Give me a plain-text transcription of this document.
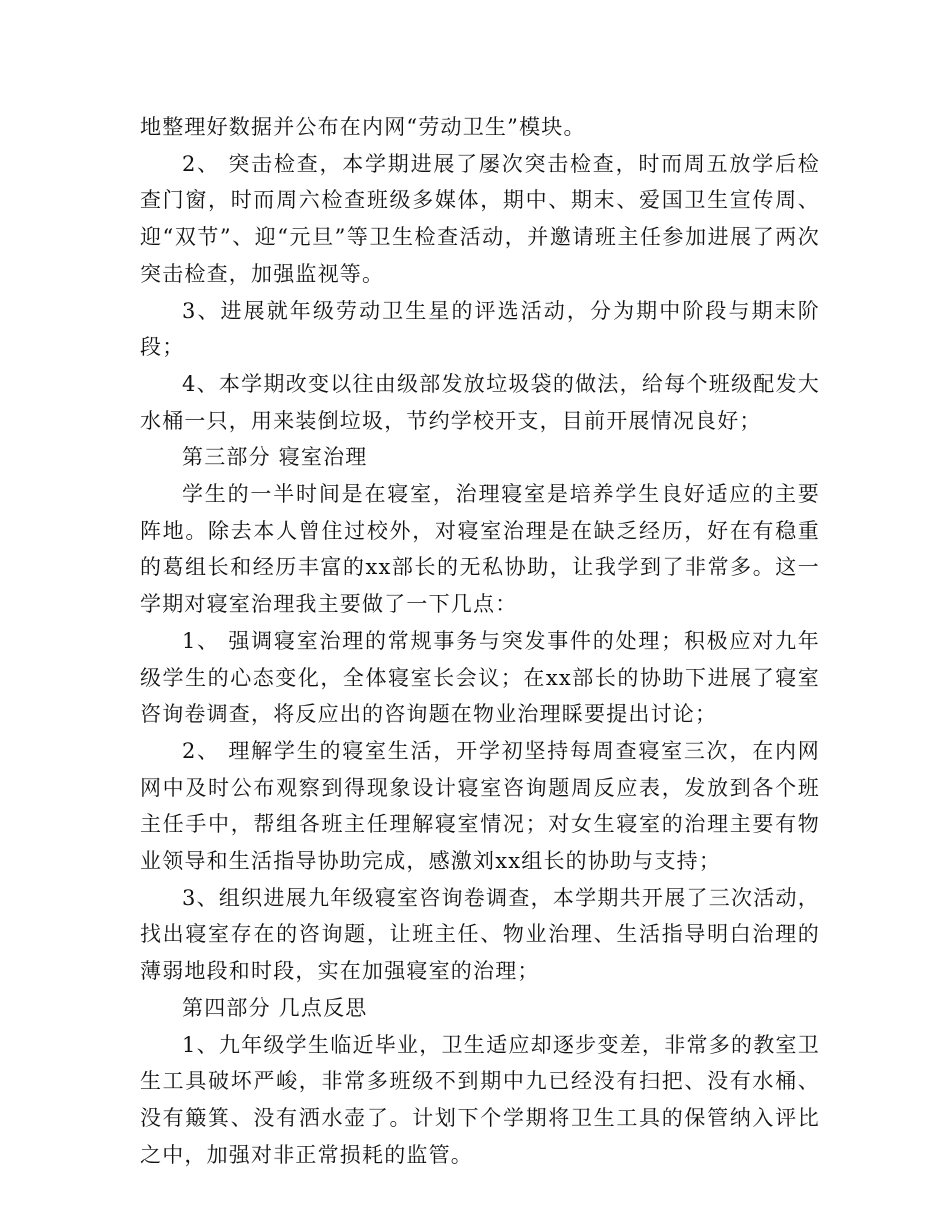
地整理好数据并公布在内网“劳动卫生”模块。

2、 突击检查，本学期进展了屡次突击检查，时而周五放学后检查门窗，时而周六检查班级多媒体，期中、期末、爱国卫生宣传周、迎“双节”、迎“元旦”等卫生检查活动，并邀请班主任参加进展了两次突击检查，加强监视等。

3、进展就年级劳动卫生星的评选活动，分为期中阶段与期末阶段；

4、本学期改变以往由级部发放垃圾袋的做法，给每个班级配发大水桶一只，用来装倒垃圾，节约学校开支，目前开展情况良好；

第三部分 寝室治理

学生的一半时间是在寝室，治理寝室是培养学生良好适应的主要阵地。除去本人曾住过校外，对寝室治理是在缺乏经历，好在有稳重的葛组长和经历丰富的xx部长的无私协助，让我学到了非常多。这一学期对寝室治理我主要做了一下几点：

1、 强调寝室治理的常规事务与突发事件的处理；积极应对九年级学生的心态变化，全体寝室长会议；在xx部长的协助下进展了寝室咨询卷调查，将反应出的咨询题在物业治理睬要提出讨论；

2、 理解学生的寝室生活，开学初坚持每周查寝室三次，在内网网中及时公布观察到得现象设计寝室咨询题周反应表，发放到各个班主任手中，帮组各班主任理解寝室情况；对女生寝室的治理主要有物业领导和生活指导协助完成，感激刘xx组长的协助与支持；

3、组织进展九年级寝室咨询卷调查，本学期共开展了三次活动，找出寝室存在的咨询题，让班主任、物业治理、生活指导明白治理的薄弱地段和时段，实在加强寝室的治理；

第四部分 几点反思

1、九年级学生临近毕业，卫生适应却逐步变差，非常多的教室卫生工具破坏严峻，非常多班级不到期中九已经没有扫把、没有水桶、没有簸箕、没有洒水壶了。计划下个学期将卫生工具的保管纳入评比之中，加强对非正常损耗的监管。
